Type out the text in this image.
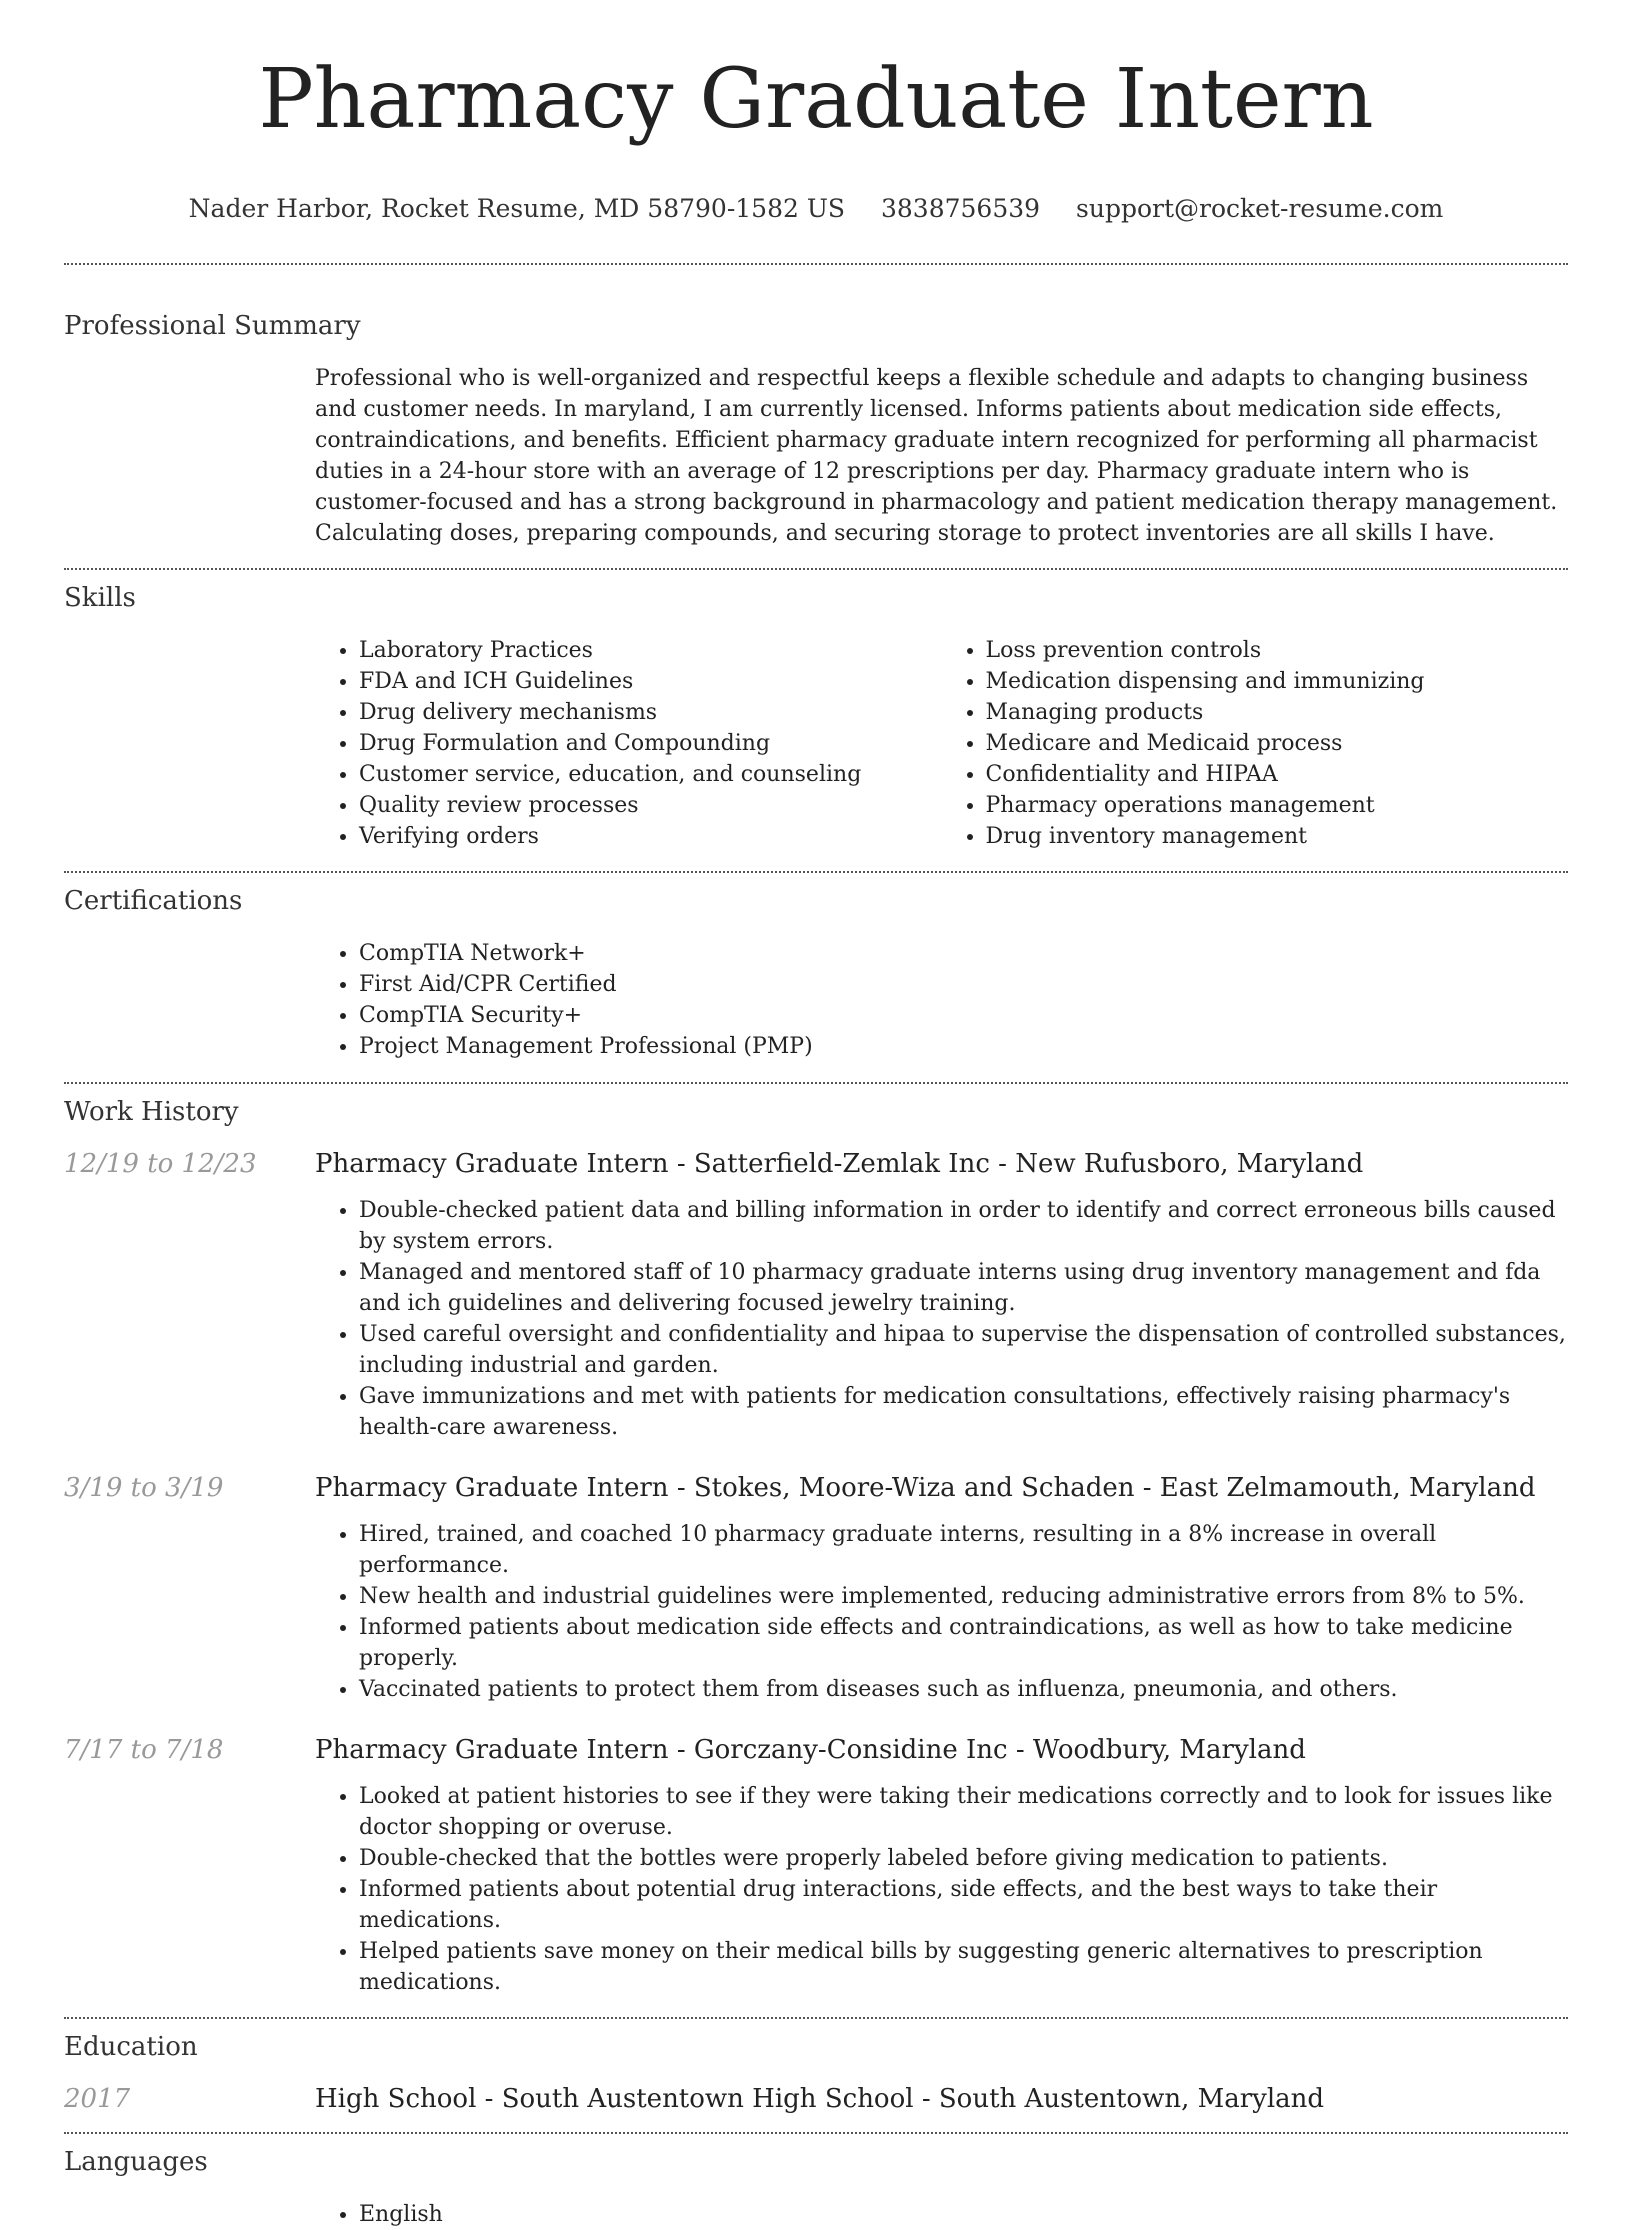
Pharmacy Graduate Intern
Nader Harbor, Rocket Resume, MD 58790-1582 US 3838756539 support@rocket-resume.com
Professional Summary
Professional who is well-organized and respectful keeps a flexible schedule and adapts to changing business and customer needs. In maryland, I am currently licensed. Informs patients about medication side effects, contraindications, and benefits. Efficient pharmacy graduate intern recognized for performing all pharmacist duties in a 24-hour store with an average of 12 prescriptions per day. Pharmacy graduate intern who is customer-focused and has a strong background in pharmacology and patient medication therapy management. Calculating doses, preparing compounds, and securing storage to protect inventories are all skills I have.
Skills
• Laboratory Practices
• FDA and ICH Guidelines
• Drug delivery mechanisms
• Drug Formulation and Compounding
• Customer service, education, and counseling
• Quality review processes
• Verifying orders
• Loss prevention controls
• Medication dispensing and immunizing
• Managing products
• Medicare and Medicaid process
• Confidentiality and HIPAA
• Pharmacy operations management
• Drug inventory management
Certifications
• CompTIA Network+
• First Aid/CPR Certified
• CompTIA Security+
• Project Management Professional (PMP)
Work History
12/19 to 12/23	Pharmacy Graduate Intern - Satterfield-Zemlak Inc - New Rufusboro, Maryland
• Double-checked patient data and billing information in order to identify and correct erroneous bills caused by system errors.
• Managed and mentored staff of 10 pharmacy graduate interns using drug inventory management and fda and ich guidelines and delivering focused jewelry training.
• Used careful oversight and confidentiality and hipaa to supervise the dispensation of controlled substances, including industrial and garden.
• Gave immunizations and met with patients for medication consultations, effectively raising pharmacy's health-care awareness.
3/19 to 3/19	Pharmacy Graduate Intern - Stokes, Moore-Wiza and Schaden - East Zelmamouth, Maryland
• Hired, trained, and coached 10 pharmacy graduate interns, resulting in a 8% increase in overall performance.
• New health and industrial guidelines were implemented, reducing administrative errors from 8% to 5%.
• Informed patients about medication side effects and contraindications, as well as how to take medicine properly.
• Vaccinated patients to protect them from diseases such as influenza, pneumonia, and others.
7/17 to 7/18	Pharmacy Graduate Intern - Gorczany-Considine Inc - Woodbury, Maryland
• Looked at patient histories to see if they were taking their medications correctly and to look for issues like doctor shopping or overuse.
• Double-checked that the bottles were properly labeled before giving medication to patients.
• Informed patients about potential drug interactions, side effects, and the best ways to take their medications.
• Helped patients save money on their medical bills by suggesting generic alternatives to prescription medications.
Education
2017	High School - South Austentown High School - South Austentown, Maryland
Languages
• English
